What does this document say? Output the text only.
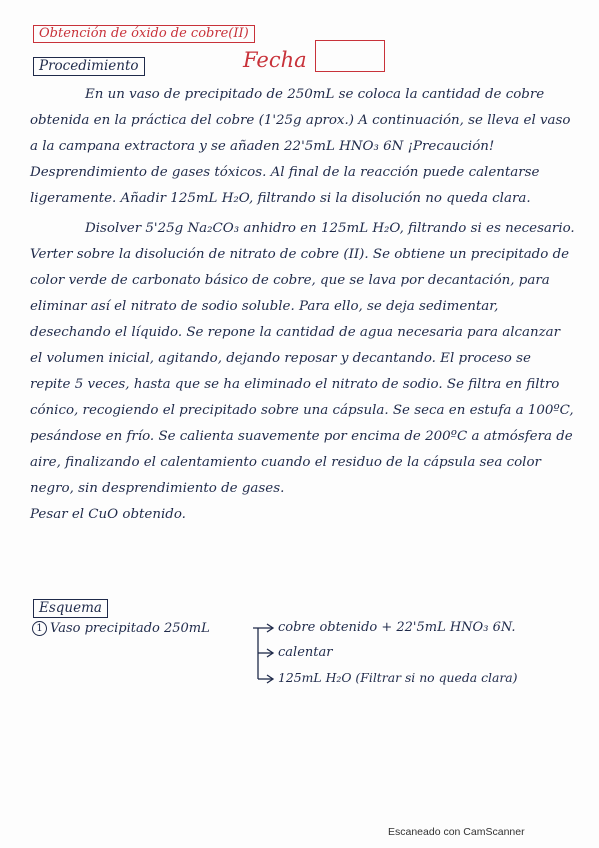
Obtención de óxido de cobre(II)
Fecha
Procedimiento

En un vaso de precipitado de 250mL se coloca la cantidad de cobre obtenida en la práctica del cobre (1'25g aprox.) A continuación, se lleva el vaso a la campana extractora y se añaden 22'5mL HNO₃ 6N ¡Precaución! Desprendimiento de gases tóxicos. Al final de la reacción puede calentarse ligeramente. Añadir 125mL H₂O, filtrando si la disolución no queda clara.

Disolver 5'25g Na₂CO₃ anhidro en 125mL H₂O, filtrando si es necesario. Verter sobre la disolución de nitrato de cobre (II). Se obtiene un precipitado de color verde de carbonato básico de cobre, que se lava por decantación, para eliminar así el nitrato de sodio soluble. Para ello, se deja sedimentar, desechando el líquido. Se repone la cantidad de agua necesaria para alcanzar el volumen inicial, agitando, dejando reposar y decantando. El proceso se repite 5 veces, hasta que se ha eliminado el nitrato de sodio. Se filtra en filtro cónico, recogiendo el precipitado sobre una cápsula. Se seca en estufa a 100ºC, pesándose en frío. Se calienta suavemente por encima de 200ºC a atmósfera de aire, finalizando el calentamiento cuando el residuo de la cápsula sea color negro, sin desprendimiento de gases.

Pesar el CuO obtenido.

Esquema
1 Vaso precipitado 250mL	cobre obtenido + 22'5mL HNO₃ 6N.
calentar
125mL H₂O (Filtrar si no queda clara)
Escaneado con CamScanner
